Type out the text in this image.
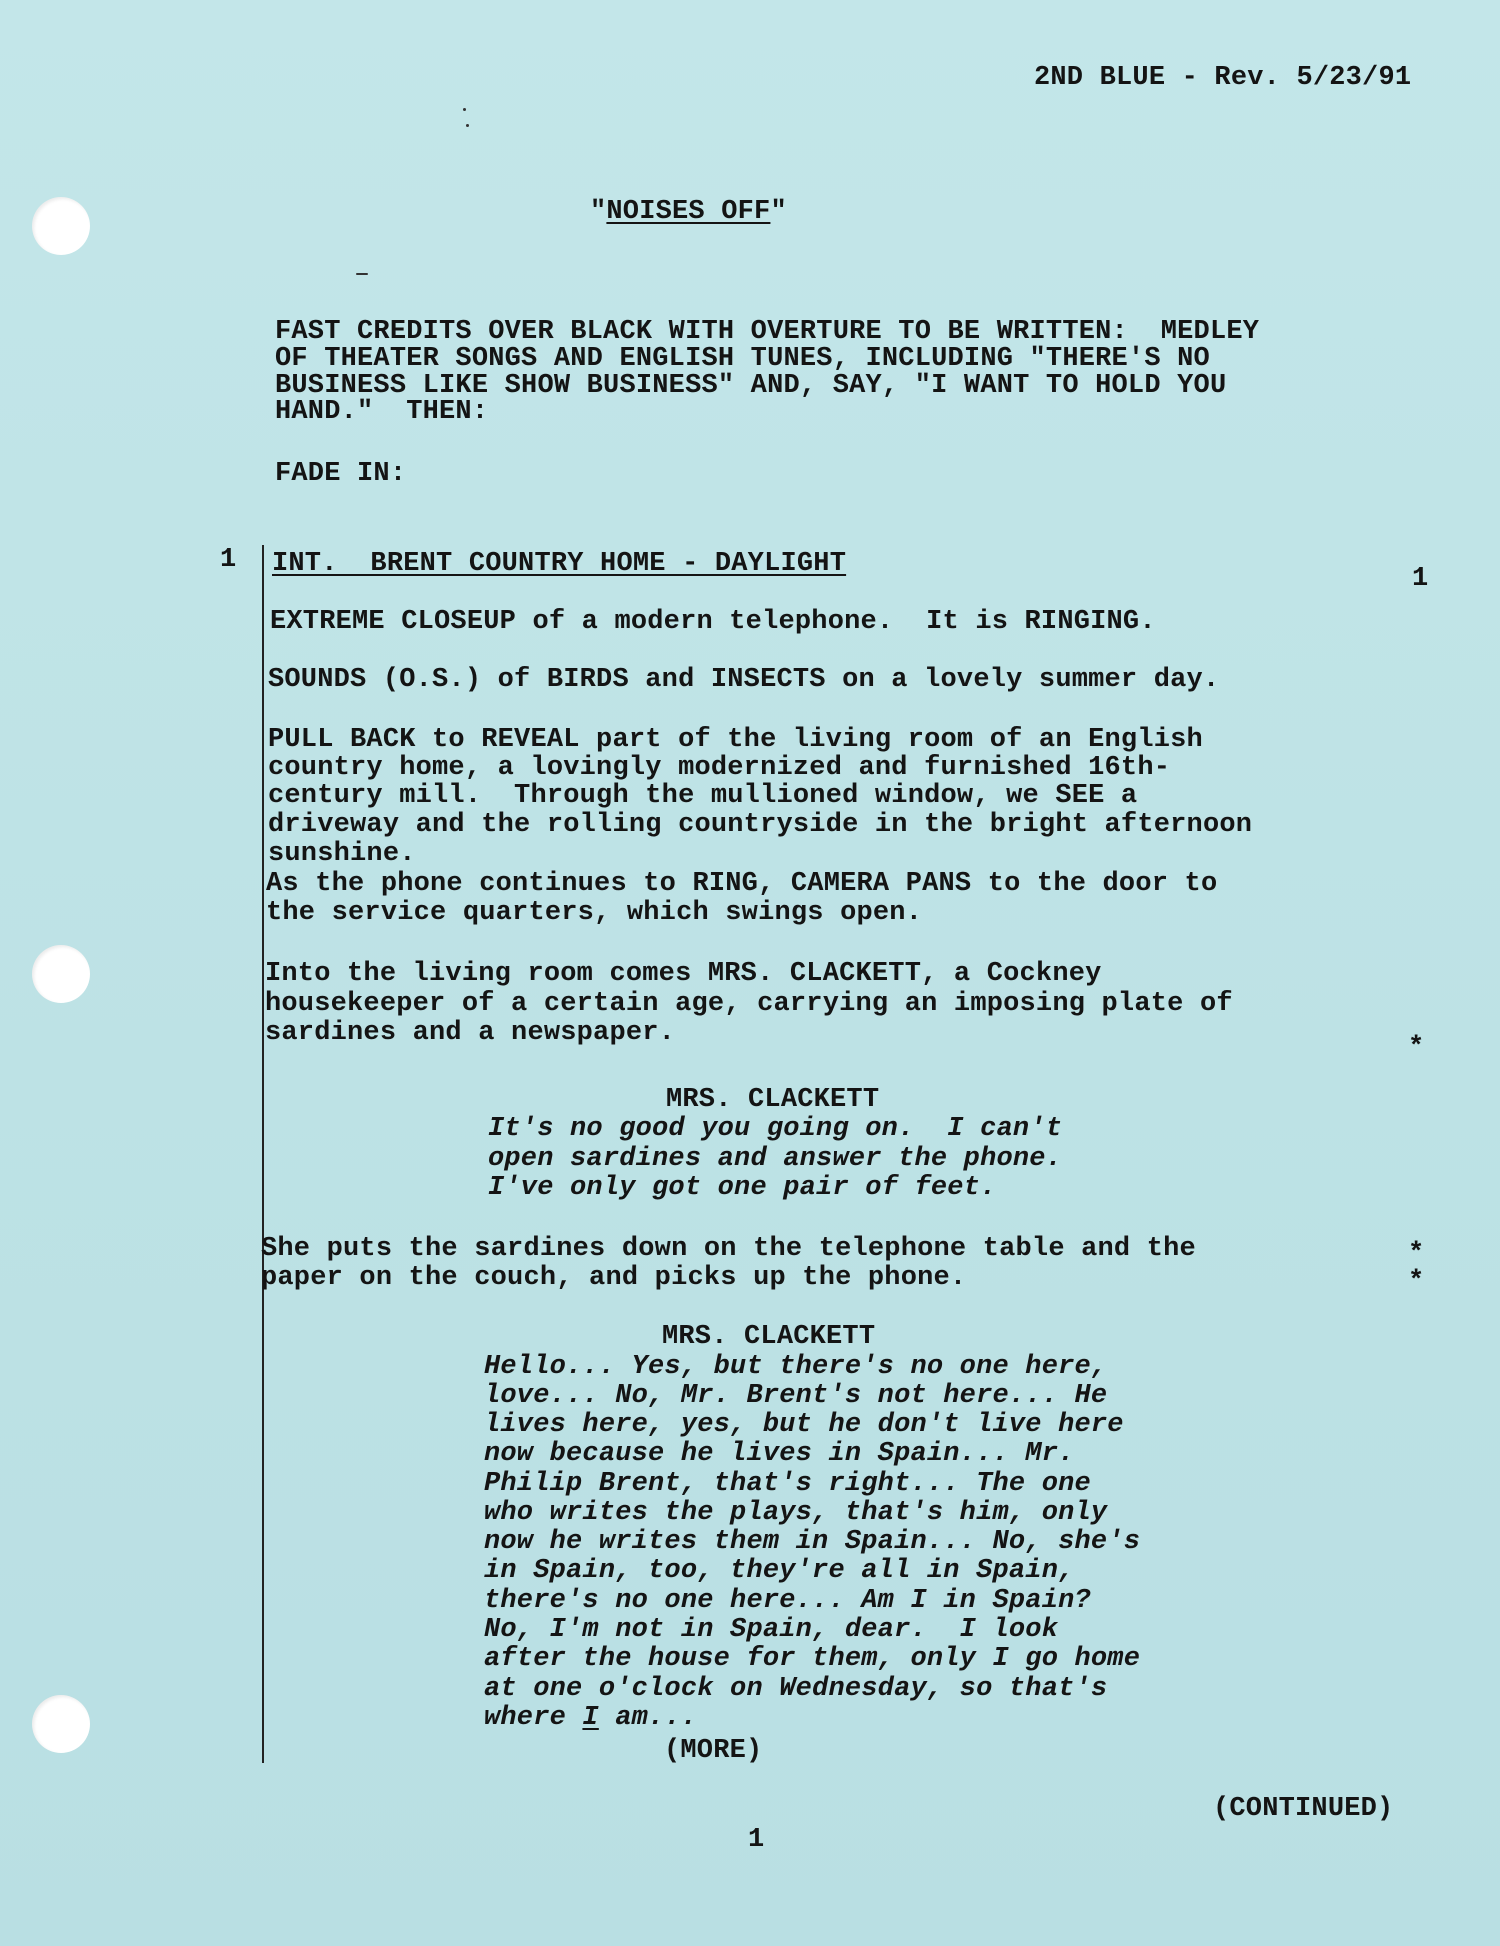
2ND BLUE - Rev. 5/23/91
"NOISES OFF"
FAST CREDITS OVER BLACK WITH OVERTURE TO BE WRITTEN:  MEDLEY
OF THEATER SONGS AND ENGLISH TUNES, INCLUDING "THERE'S NO
BUSINESS LIKE SHOW BUSINESS" AND, SAY, "I WANT TO HOLD YOU
HAND."  THEN:
FADE IN:
1
1
INT.  BRENT COUNTRY HOME - DAYLIGHT
EXTREME CLOSEUP of a modern telephone.  It is RINGING.
SOUNDS (O.S.) of BIRDS and INSECTS on a lovely summer day.
PULL BACK to REVEAL part of the living room of an English
country home, a lovingly modernized and furnished 16th-
century mill.  Through the mullioned window, we SEE a
driveway and the rolling countryside in the bright afternoon
sunshine.
As the phone continues to RING, CAMERA PANS to the door to
the service quarters, which swings open.
Into the living room comes MRS. CLACKETT, a Cockney
housekeeper of a certain age, carrying an imposing plate of
sardines and a newspaper.	*
MRS. CLACKETT
It's no good you going on.  I can't
open sardines and answer the phone.
I've only got one pair of feet.
She puts the sardines down on the telephone table and the
paper on the couch, and picks up the phone.
*
*
MRS. CLACKETT
Hello... Yes, but there's no one here,
love... No, Mr. Brent's not here... He
lives here, yes, but he don't live here
now because he lives in Spain... Mr.
Philip Brent, that's right... The one
who writes the plays, that's him, only
now he writes them in Spain... No, she's
in Spain, too, they're all in Spain,
there's no one here... Am I in Spain?
No, I'm not in Spain, dear.  I look
after the house for them, only I go home
at one o'clock on Wednesday, so that's
where I am...
(MORE)
(CONTINUED)
1
